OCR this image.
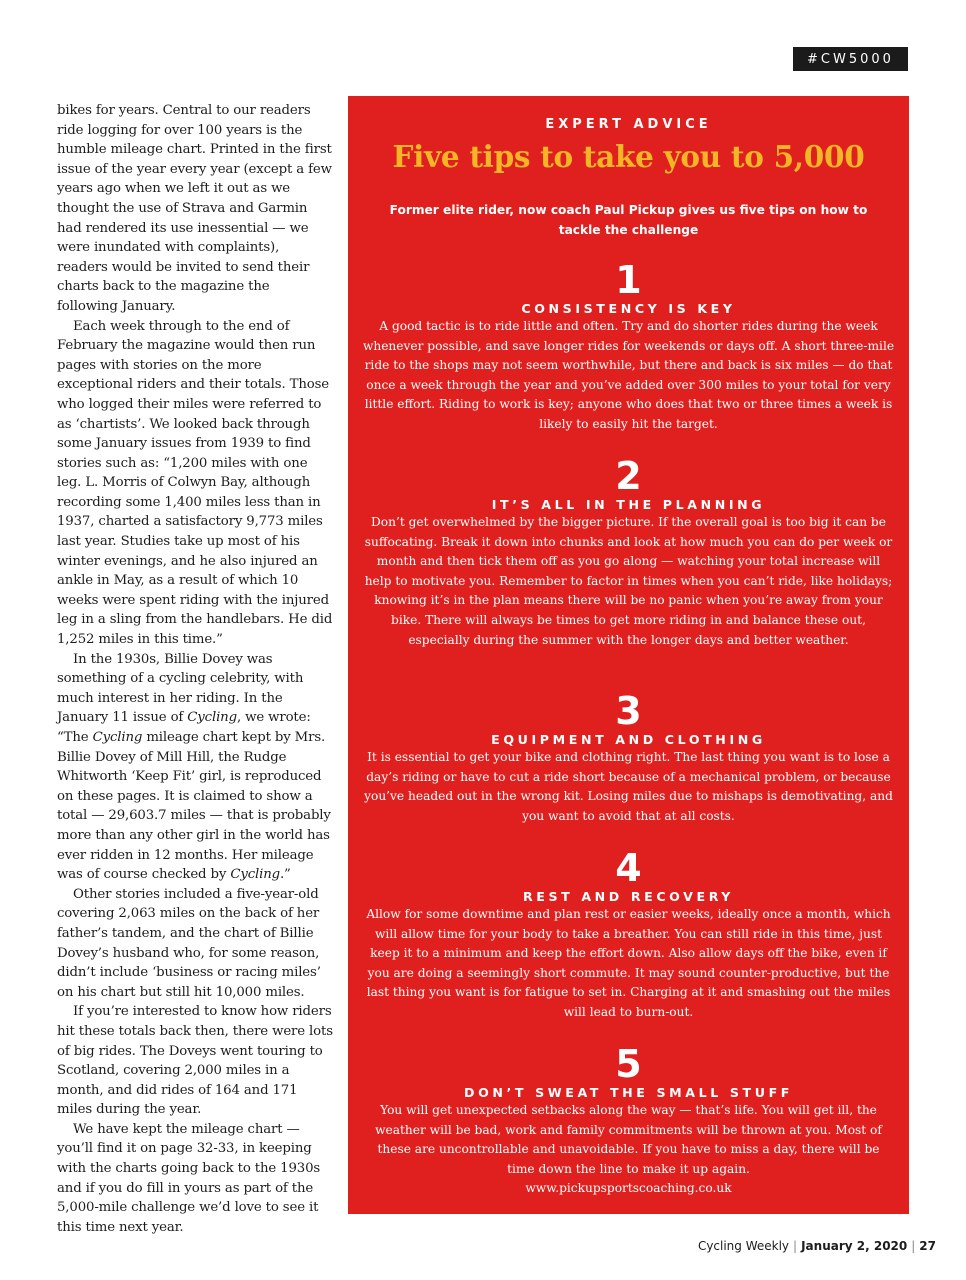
#CW5000

bikes for years. Central to our readers ride logging for over 100 years is the humble mileage chart. Printed in the first issue of the year every year (except a few years ago when we left it out as we thought the use of Strava and Garmin had rendered its use inessential — we were inundated with complaints), readers would be invited to send their charts back to the magazine the following January.

Each week through to the end of February the magazine would then run pages with stories on the more exceptional riders and their totals. Those who logged their miles were referred to as ‘chartists’. We looked back through some January issues from 1939 to find stories such as: “1,200 miles with one leg. L. Morris of Colwyn Bay, although recording some 1,400 miles less than in 1937, charted a satisfactory 9,773 miles last year. Studies take up most of his winter evenings, and he also injured an ankle in May, as a result of which 10 weeks were spent riding with the injured leg in a sling from the handlebars. He did 1,252 miles in this time.”

In the 1930s, Billie Dovey was something of a cycling celebrity, with much interest in her riding. In the January 11 issue of Cycling, we wrote: “The Cycling mileage chart kept by Mrs. Billie Dovey of Mill Hill, the Rudge Whitworth ‘Keep Fit’ girl, is reproduced on these pages. It is claimed to show a total — 29,603.7 miles — that is probably more than any other girl in the world has ever ridden in 12 months. Her mileage was of course checked by Cycling.”

Other stories included a five-year-old covering 2,063 miles on the back of her father’s tandem, and the chart of Billie Dovey’s husband who, for some reason, didn’t include ‘business or racing miles’ on his chart but still hit 10,000 miles.

If you’re interested to know how riders hit these totals back then, there were lots of big rides. The Doveys went touring to Scotland, covering 2,000 miles in a month, and did rides of 164 and 171 miles during the year.

We have kept the mileage chart — you’ll find it on page 32-33, in keeping with the charts going back to the 1930s and if you do fill in yours as part of the 5,000-mile challenge we’d love to see it this time next year.

EXPERT ADVICE
Five tips to take you to 5,000
Former elite rider, now coach Paul Pickup gives us five tips on how to tackle the challenge
1
CONSISTENCY IS KEY
A good tactic is to ride little and often. Try and do shorter rides during the week whenever possible, and save longer rides for weekends or days off. A short three-mile ride to the shops may not seem worthwhile, but there and back is six miles — do that once a week through the year and you’ve added over 300 miles to your total for very little effort. Riding to work is key; anyone who does that two or three times a week is likely to easily hit the target.
2
IT’S ALL IN THE PLANNING
Don’t get overwhelmed by the bigger picture. If the overall goal is too big it can be suffocating. Break it down into chunks and look at how much you can do per week or month and then tick them off as you go along — watching your total increase will help to motivate you. Remember to factor in times when you can’t ride, like holidays; knowing it’s in the plan means there will be no panic when you’re away from your bike. There will always be times to get more riding in and balance these out, especially during the summer with the longer days and better weather.
3
EQUIPMENT AND CLOTHING
It is essential to get your bike and clothing right. The last thing you want is to lose a day’s riding or have to cut a ride short because of a mechanical problem, or because you’ve headed out in the wrong kit. Losing miles due to mishaps is demotivating, and you want to avoid that at all costs.
4
REST AND RECOVERY
Allow for some downtime and plan rest or easier weeks, ideally once a month, which will allow time for your body to take a breather. You can still ride in this time, just keep it to a minimum and keep the effort down. Also allow days off the bike, even if you are doing a seemingly short commute. It may sound counter-productive, but the last thing you want is for fatigue to set in. Charging at it and smashing out the miles will lead to burn-out.
5
DON’T SWEAT THE SMALL STUFF
You will get unexpected setbacks along the way — that’s life. You will get ill, the weather will be bad, work and family commitments will be thrown at you. Most of these are uncontrollable and unavoidable. If you have to miss a day, there will be time down the line to make it up again.
www.pickupsportscoaching.co.uk
Cycling Weekly | January 2, 2020 | 27
